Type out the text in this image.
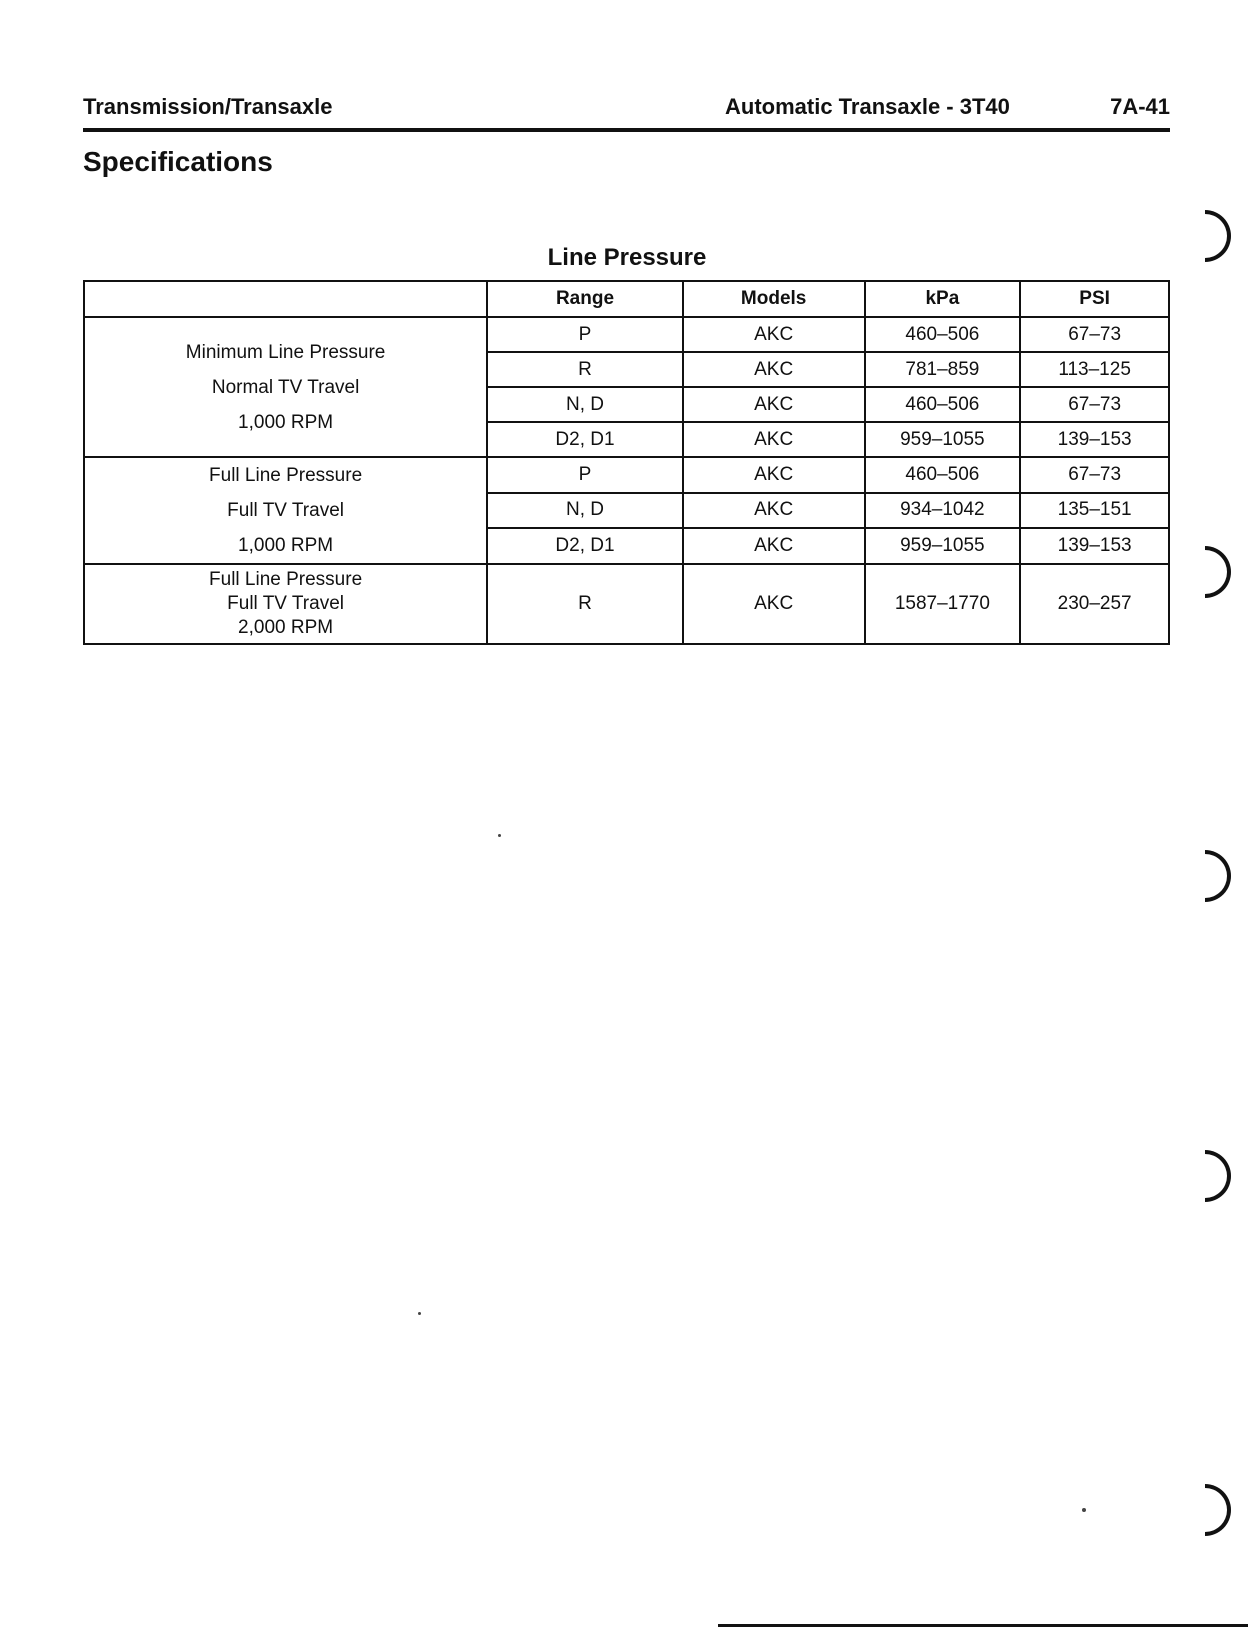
Transmission/Transaxle	Automatic Transaxle - 3T40	7A-41
Specifications
Line Pressure
	Range	Models	kPa	PSI

Minimum Line Pressure
Normal TV Travel
1,000 RPM	P	AKC	460–506	67–73
	R	AKC	781–859	113–125
	N, D	AKC	460–506	67–73
	D2, D1	AKC	959–1055	139–153

Full Line Pressure
Full TV Travel
1,000 RPM	P	AKC	460–506	67–73
	N, D	AKC	934–1042	135–151
	D2, D1	AKC	959–1055	139–153

Full Line Pressure
Full TV Travel
2,000 RPM	R	AKC	1587–1770	230–257
